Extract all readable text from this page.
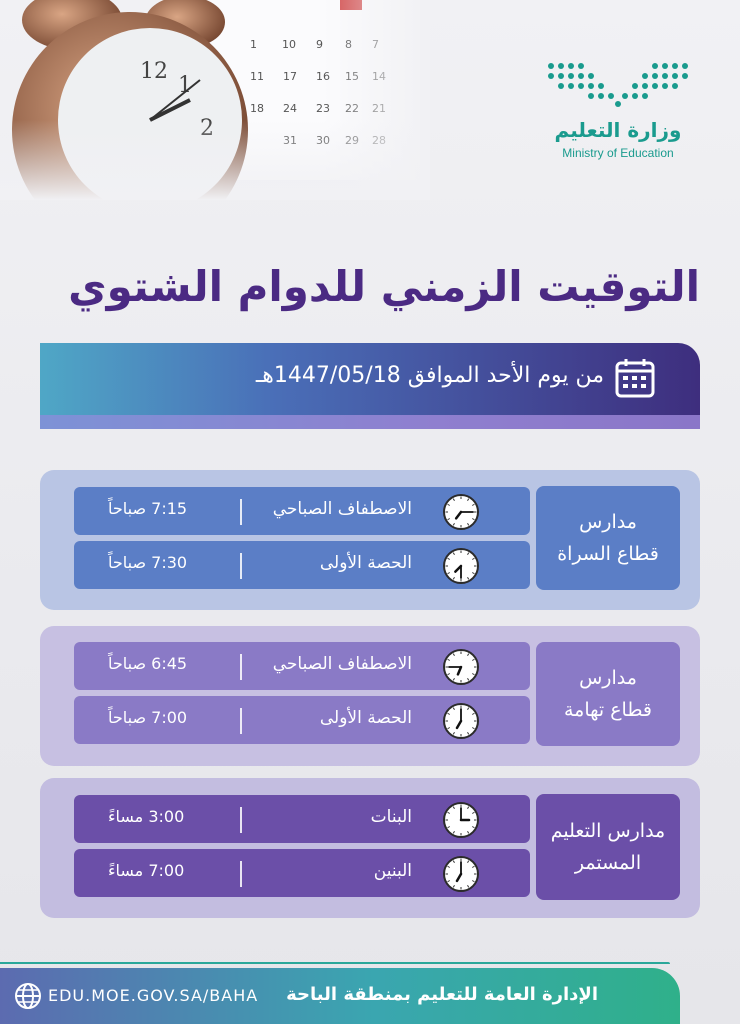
وزارة التعليم
Ministry of Education
التوقيت الزمني للدوام الشتوي
من يوم الأحد الموافق 1447/05/18هـ
مدارس
قطاع السراة
الاصطفاف الصباحي
7:15 صباحاً
الحصة الأولى
7:30 صباحاً
مدارس
قطاع تهامة
الاصطفاف الصباحي
6:45 صباحاً
الحصة الأولى
7:00 صباحاً
مدارس التعليم
المستمر
البنات
3:00 مساءً
البنين
7:00 مساءً
EDU.MOE.GOV.SA/BAHA الإدارة العامة للتعليم بمنطقة الباحة
